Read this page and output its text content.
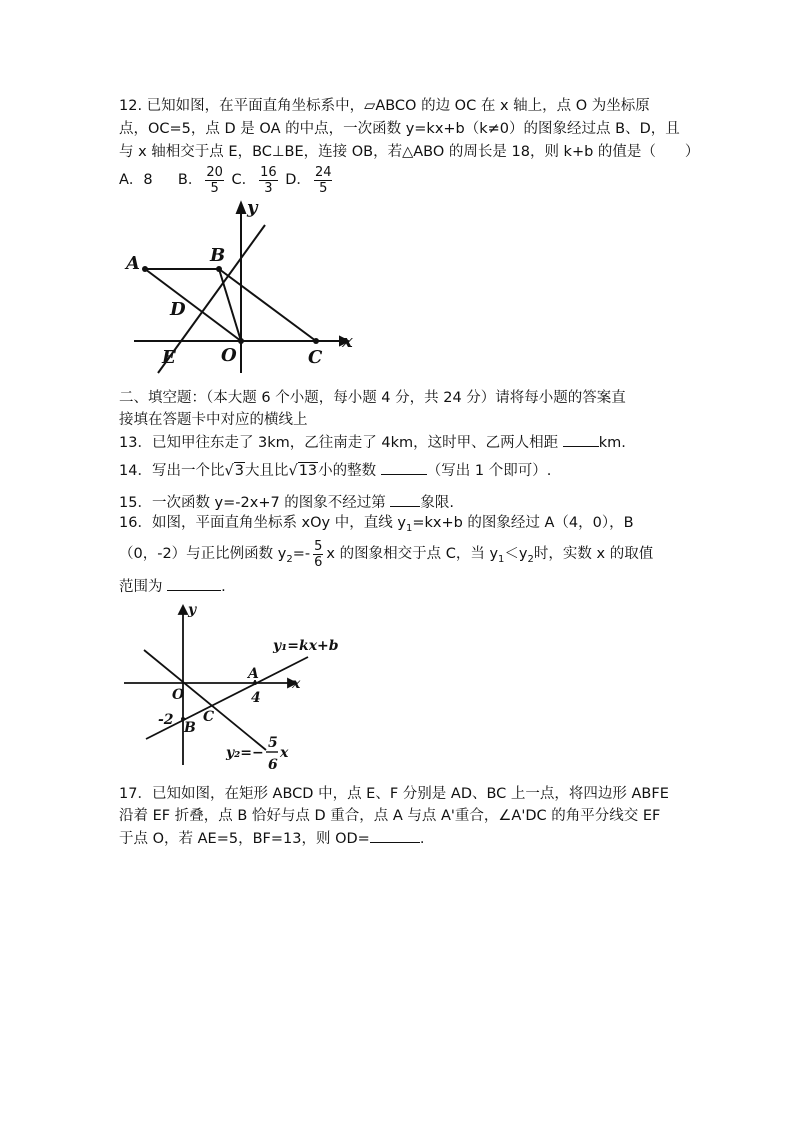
12. 已知如图，在平面直角坐标系中，▱ABCO 的边 OC 在 x 轴上，点 O 为坐标原
点，OC=5，点 D 是 OA 的中点，一次函数 y=kx+b（k≠0）的图象经过点 B、D，且
与 x 轴相交于点 E，BC⊥BE，连接 OB，若△ABO 的周长是 18，则 k+b 的值是（　　）
A．8 B． $\frac{20}{5}$ C． $\frac{16}{3}$ D． $\frac{24}{5}$
A	B
D
E	O	C
x
y
二、填空题：（本大题 6 个小题，每小题 4 分，共 24 分）请将每小题的答案直
接填在答题卡中对应的横线上
13．已知甲往东走了 3km，乙往南走了 4km，这时甲、乙两人相距 km.
14．写出一个比√3大且比√13小的整数	（写出 1 个即可）.
15．一次函数 y=-2x+7 的图象不经过第 象限.
16．如图，平面直角坐标系 xOy 中，直线 $y_1=kx+b$ 的图象经过 A（4，0），B
（0，-2）与正比例函数 $y_2=- \frac{5}{6}$ x 的图象相交于点 C，当 $y_1<y_2$时，实数 x 的取值
范围为	.
y
x
O
A
4
-2 B
C
y₁=kx+b
y₂=−
5
6
x
17．已知如图，在矩形 ABCD 中，点 E、F 分别是 AD、BC 上一点，将四边形 ABFE
沿着 EF 折叠，点 B 恰好与点 D 重合，点 A 与点 A'重合，∠A'DC 的角平分线交 EF
于点 O，若 AE=5，BF=13，则 OD=	.
